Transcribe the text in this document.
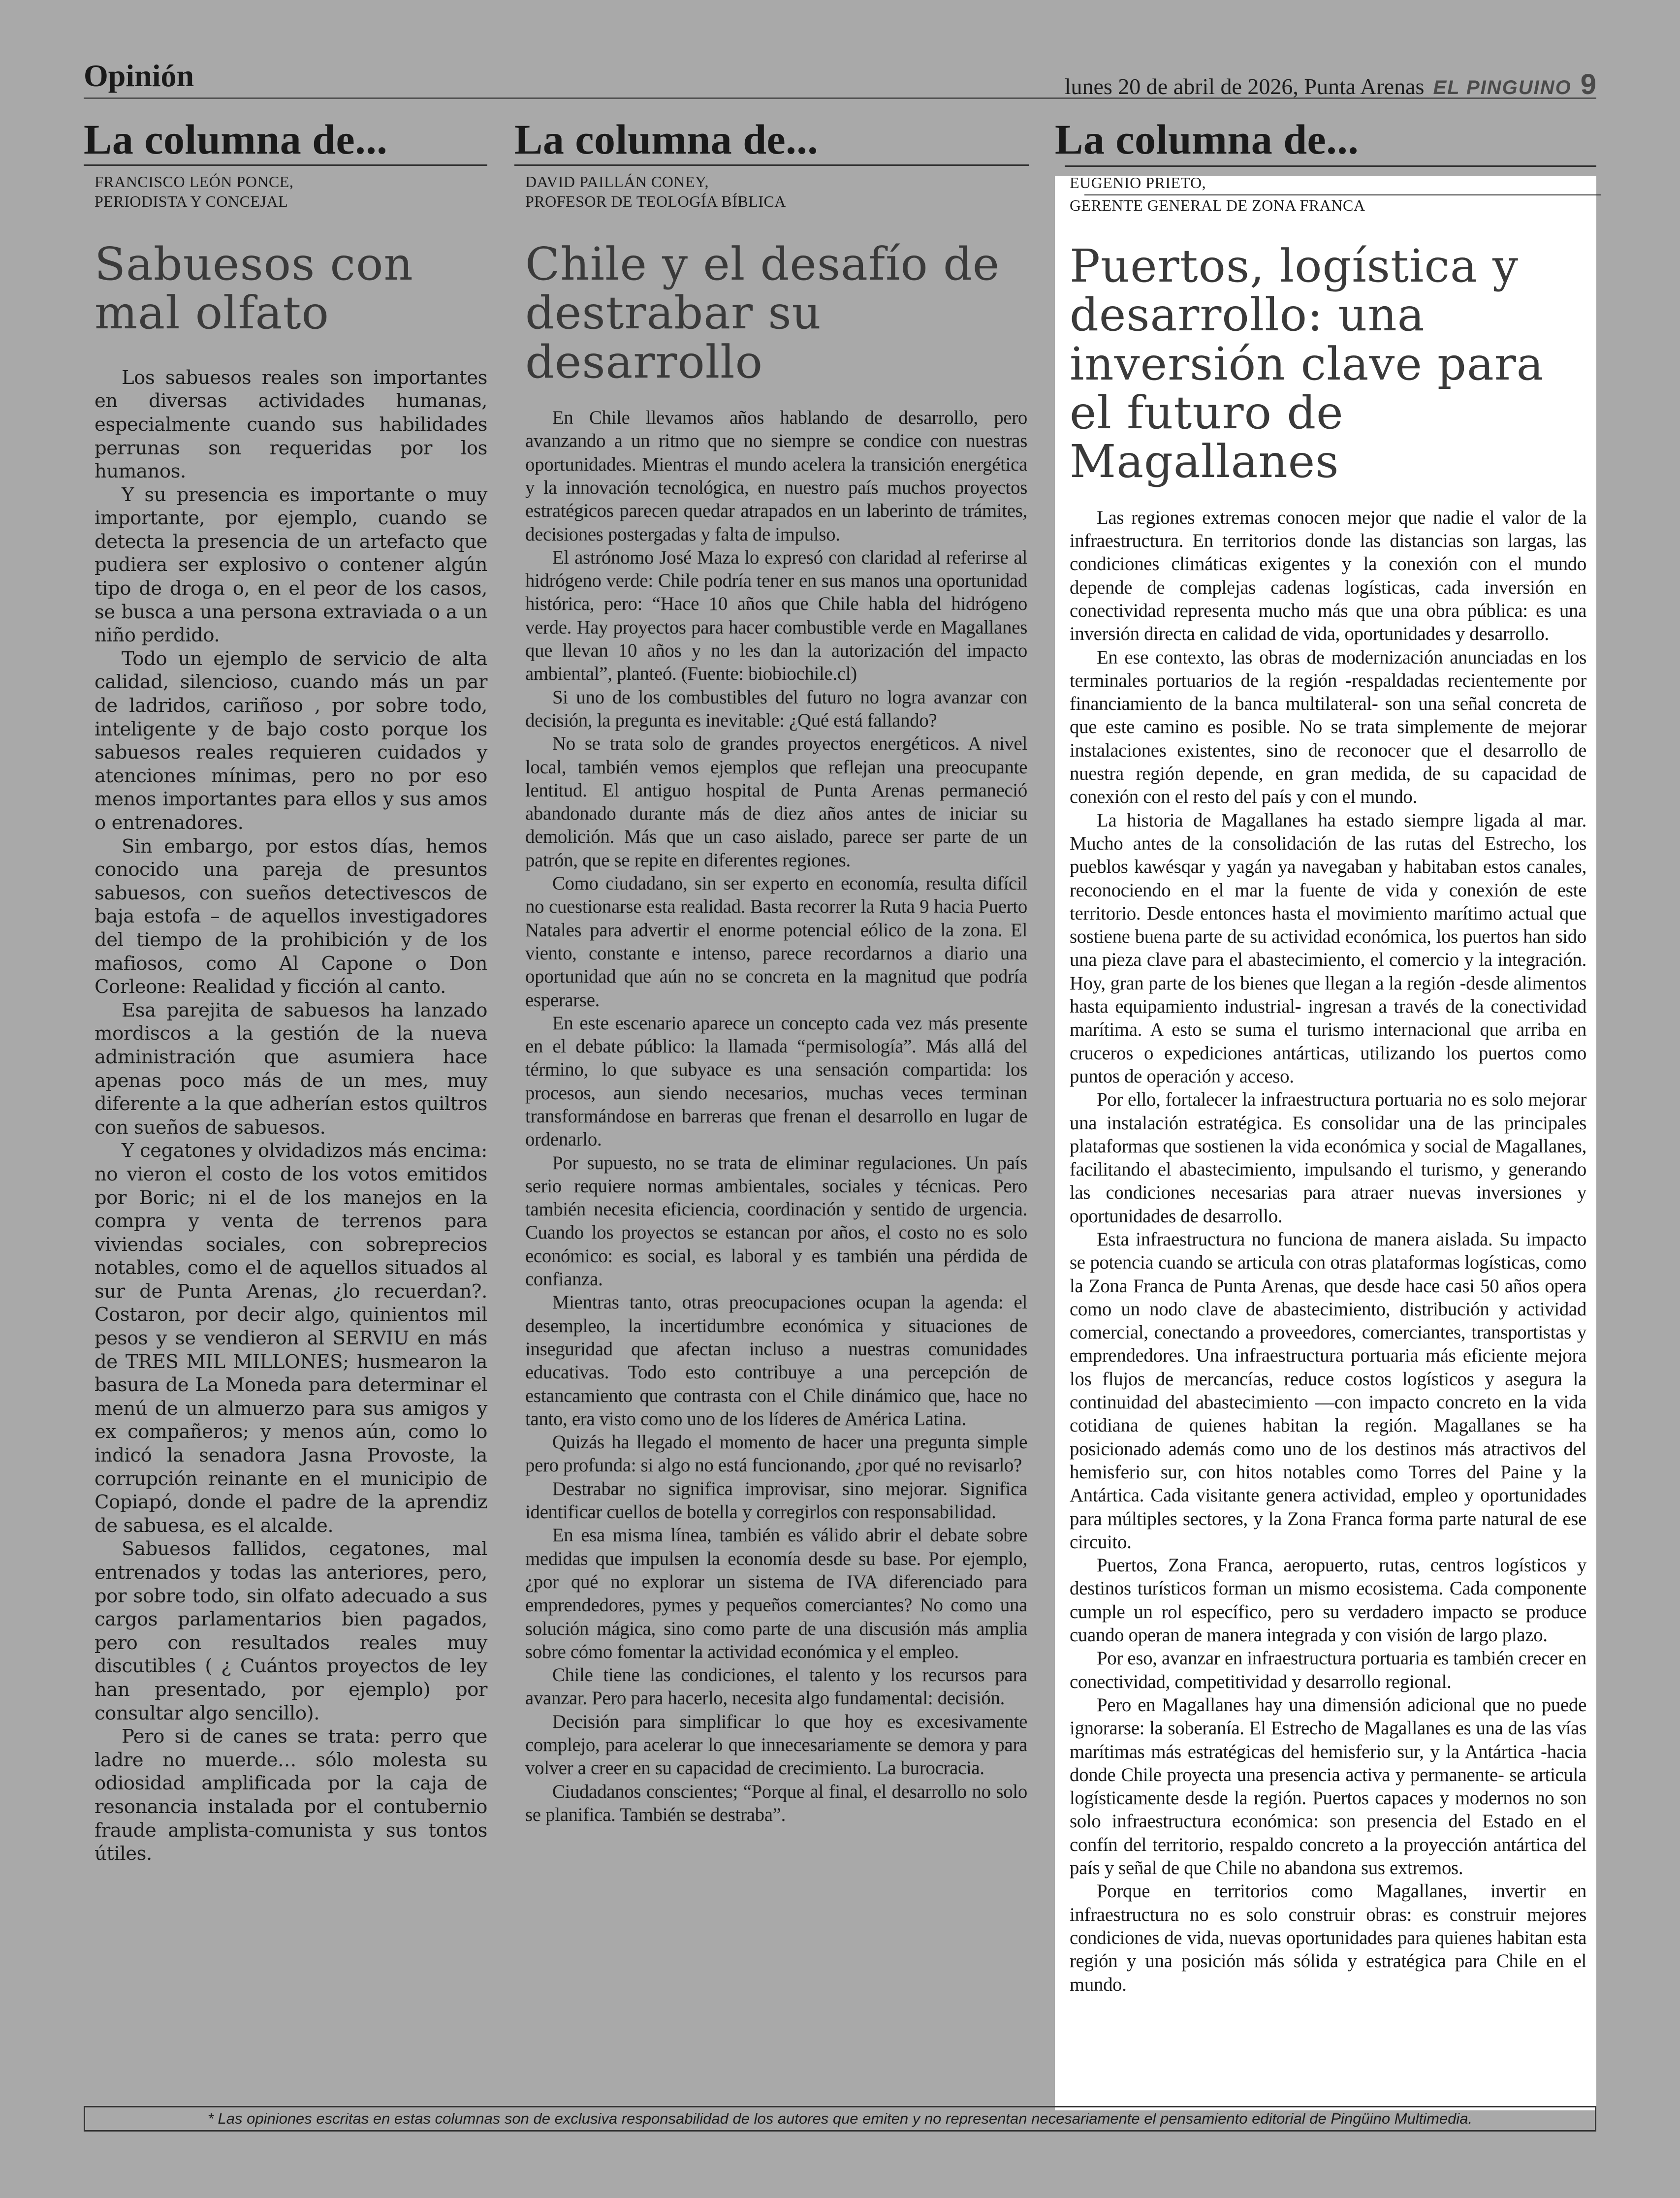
Opinión	lunes 20 de abril de 2026, Punta Arenas EL PINGUINO 9
La columna de...
FRANCISCO LEÓN PONCE,
PERIODISTA Y CONCEJAL
Sabuesos con mal olfato

Los sabuesos reales son importantes en diversas actividades humanas, especialmente cuando sus habilidades perrunas son requeridas por los humanos.

Y su presencia es importante o muy importante, por ejemplo, cuando se detecta la presencia de un artefacto que pudiera ser explosivo o contener algún tipo de droga o, en el peor de los casos, se busca a una persona extraviada o a un niño perdido.

Todo un ejemplo de servicio de alta calidad, silencioso, cuando más un par de ladridos, cariñoso , por sobre todo, inteligente y de bajo costo porque los sabuesos reales requieren cuidados y atenciones mínimas, pero no por eso menos importantes para ellos y sus amos o entrenadores.

Sin embargo, por estos días, hemos conocido una pareja de presuntos sabuesos, con sueños detectivescos de baja estofa – de aquellos investigadores del tiempo de la prohibición y de los mafiosos, como Al Capone o Don Corleone: Realidad y ficción al canto.

Esa parejita de sabuesos ha lanzado mordiscos a la gestión de la nueva administración que asumiera hace apenas poco más de un mes, muy diferente a la que adherían estos quiltros con sueños de sabuesos.

Y cegatones y olvidadizos más encima: no vieron el costo de los votos emitidos por Boric; ni el de los manejos en la compra y venta de terrenos para viviendas sociales, con sobreprecios notables, como el de aquellos situados al sur de Punta Arenas, ¿lo recuerdan?. Costaron, por decir algo, quinientos mil pesos y se vendieron al SERVIU en más de TRES MIL MILLONES; husmearon la basura de La Moneda para determinar el menú de un almuerzo para sus amigos y ex compañeros; y menos aún, como lo indicó la senadora Jasna Provoste, la corrupción reinante en el municipio de Copiapó, donde el padre de la aprendiz de sabuesa, es el alcalde.

Sabuesos fallidos, cegatones, mal entrenados y todas las anteriores, pero, por sobre todo, sin olfato adecuado a sus cargos parlamentarios bien pagados, pero con resultados reales muy discutibles ( ¿ Cuántos proyectos de ley han presentado, por ejemplo) por consultar algo sencillo).

Pero si de canes se trata: perro que ladre no muerde… sólo molesta su odiosidad amplificada por la caja de resonancia instalada por el contubernio fraude amplista-comunista y sus tontos útiles.

La columna de...
DAVID PAILLÁN CONEY,
PROFESOR DE TEOLOGÍA BÍBLICA
Chile y el desafío de destrabar su desarrollo

En Chile llevamos años hablando de desarrollo, pero avanzando a un ritmo que no siempre se condice con nuestras oportunidades. Mientras el mundo acelera la transición energética y la innovación tecnológica, en nuestro país muchos proyectos estratégicos parecen quedar atrapados en un laberinto de trámites, decisiones postergadas y falta de impulso.

El astrónomo José Maza lo expresó con claridad al referirse al hidrógeno verde: Chile podría tener en sus manos una oportunidad histórica, pero: “Hace 10 años que Chile habla del hidrógeno verde. Hay proyectos para hacer combustible verde en Magallanes que llevan 10 años y no les dan la autorización del impacto ambiental”, planteó. (Fuente: biobiochile.cl)

Si uno de los combustibles del futuro no logra avanzar con decisión, la pregunta es inevitable: ¿Qué está fallando?

No se trata solo de grandes proyectos energéticos. A nivel local, también vemos ejemplos que reflejan una preocupante lentitud. El antiguo hospital de Punta Arenas permaneció abandonado durante más de diez años antes de iniciar su demolición. Más que un caso aislado, parece ser parte de un patrón, que se repite en diferentes regiones.

Como ciudadano, sin ser experto en economía, resulta difícil no cuestionarse esta realidad. Basta recorrer la Ruta 9 hacia Puerto Natales para advertir el enorme potencial eólico de la zona. El viento, constante e intenso, parece recordarnos a diario una oportunidad que aún no se concreta en la magnitud que podría esperarse.

En este escenario aparece un concepto cada vez más presente en el debate público: la llamada “permisología”. Más allá del término, lo que subyace es una sensación compartida: los procesos, aun siendo necesarios, muchas veces terminan transformándose en barreras que frenan el desarrollo en lugar de ordenarlo.

Por supuesto, no se trata de eliminar regulaciones. Un país serio requiere normas ambientales, sociales y técnicas. Pero también necesita eficiencia, coordinación y sentido de urgencia. Cuando los proyectos se estancan por años, el costo no es solo económico: es social, es laboral y es también una pérdida de confianza.

Mientras tanto, otras preocupaciones ocupan la agenda: el desempleo, la incertidumbre económica y situaciones de inseguridad que afectan incluso a nuestras comunidades educativas. Todo esto contribuye a una percepción de estancamiento que contrasta con el Chile dinámico que, hace no tanto, era visto como uno de los líderes de América Latina.

Quizás ha llegado el momento de hacer una pregunta simple pero profunda: si algo no está funcionando, ¿por qué no revisarlo?

Destrabar no significa improvisar, sino mejorar. Significa identificar cuellos de botella y corregirlos con responsabilidad.

En esa misma línea, también es válido abrir el debate sobre medidas que impulsen la economía desde su base. Por ejemplo, ¿por qué no explorar un sistema de IVA diferenciado para emprendedores, pymes y pequeños comerciantes? No como una solución mágica, sino como parte de una discusión más amplia sobre cómo fomentar la actividad económica y el empleo.

Chile tiene las condiciones, el talento y los recursos para avanzar. Pero para hacerlo, necesita algo fundamental: decisión.

Decisión para simplificar lo que hoy es excesivamente complejo, para acelerar lo que innecesariamente se demora y para volver a creer en su capacidad de crecimiento. La burocracia.

Ciudadanos conscientes; “Porque al final, el desarrollo no solo se planifica. También se destraba”.

La columna de...
EUGENIO PRIETO,
GERENTE GENERAL DE ZONA FRANCA
Puertos, logística y desarrollo: una inversión clave para el futuro de Magallanes

Las regiones extremas conocen mejor que nadie el valor de la infraestructura. En territorios donde las distancias son largas, las condiciones climáticas exigentes y la conexión con el mundo depende de complejas cadenas logísticas, cada inversión en conectividad representa mucho más que una obra pública: es una inversión directa en calidad de vida, oportunidades y desarrollo.

En ese contexto, las obras de modernización anunciadas en los terminales portuarios de la región -respaldadas recientemente por financiamiento de la banca multilateral- son una señal concreta de que este camino es posible. No se trata simplemente de mejorar instalaciones existentes, sino de reconocer que el desarrollo de nuestra región depende, en gran medida, de su capacidad de conexión con el resto del país y con el mundo.

La historia de Magallanes ha estado siempre ligada al mar. Mucho antes de la consolidación de las rutas del Estrecho, los pueblos kawésqar y yagán ya navegaban y habitaban estos canales, reconociendo en el mar la fuente de vida y conexión de este territorio. Desde entonces hasta el movimiento marítimo actual que sostiene buena parte de su actividad económica, los puertos han sido una pieza clave para el abastecimiento, el comercio y la integración. Hoy, gran parte de los bienes que llegan a la región -desde alimentos hasta equipamiento industrial- ingresan a través de la conectividad marítima. A esto se suma el turismo internacional que arriba en cruceros o expediciones antárticas, utilizando los puertos como puntos de operación y acceso.

Por ello, fortalecer la infraestructura portuaria no es solo mejorar una instalación estratégica. Es consolidar una de las principales plataformas que sostienen la vida económica y social de Magallanes, facilitando el abastecimiento, impulsando el turismo, y generando las condiciones necesarias para atraer nuevas inversiones y oportunidades de desarrollo.

Esta infraestructura no funciona de manera aislada. Su impacto se potencia cuando se articula con otras plataformas logísticas, como la Zona Franca de Punta Arenas, que desde hace casi 50 años opera como un nodo clave de abastecimiento, distribución y actividad comercial, conectando a proveedores, comerciantes, transportistas y emprendedores. Una infraestructura portuaria más eficiente mejora los flujos de mercancías, reduce costos logísticos y asegura la continuidad del abastecimiento —con impacto concreto en la vida cotidiana de quienes habitan la región. Magallanes se ha posicionado además como uno de los destinos más atractivos del hemisferio sur, con hitos notables como Torres del Paine y la Antártica. Cada visitante genera actividad, empleo y oportunidades para múltiples sectores, y la Zona Franca forma parte natural de ese circuito.

Puertos, Zona Franca, aeropuerto, rutas, centros logísticos y destinos turísticos forman un mismo ecosistema. Cada componente cumple un rol específico, pero su verdadero impacto se produce cuando operan de manera integrada y con visión de largo plazo.

Por eso, avanzar en infraestructura portuaria es también crecer en conectividad, competitividad y desarrollo regional.

Pero en Magallanes hay una dimensión adicional que no puede ignorarse: la soberanía. El Estrecho de Magallanes es una de las vías marítimas más estratégicas del hemisferio sur, y la Antártica -hacia donde Chile proyecta una presencia activa y permanente- se articula logísticamente desde la región. Puertos capaces y modernos no son solo infraestructura económica: son presencia del Estado en el confín del territorio, respaldo concreto a la proyección antártica del país y señal de que Chile no abandona sus extremos.

Porque en territorios como Magallanes, invertir en infraestructura no es solo construir obras: es construir mejores condiciones de vida, nuevas oportunidades para quienes habitan esta región y una posición más sólida y estratégica para Chile en el mundo.

* Las opiniones escritas en estas columnas son de exclusiva responsabilidad de los autores que emiten y no representan necesariamente el pensamiento editorial de Pingüino Multimedia.
